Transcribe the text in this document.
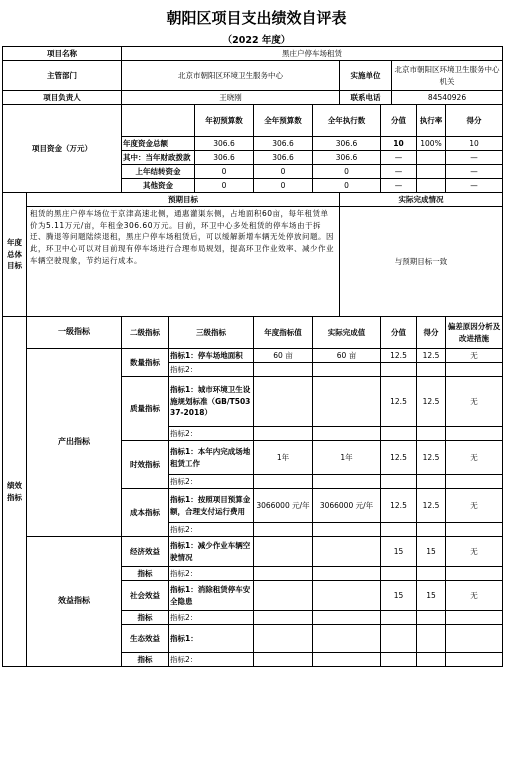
朝阳区项目支出绩效自评表
（2022 年度）
项目名称		黑庄户停车场租赁									
主管部门		北京市朝阳区环境卫生服务中心					实施单位		北京市朝阳区环境卫生服务中心机关		
项目负责人		王晓刚					联系电话		84540926		
项目资金（万元）				年初预算数	全年预算数	全年执行数		分值		执行率	得分
		年度资金总额		306.6	306.6	306.6		10		100%	10
		其中：当年财政拨款		306.6	306.6	306.6		—			—
		上年结转资金		0	0	0		—			—
		其他资金		0	0	0		—			—
年度总体目标	预期目标						实际完成情况				
	租赁的黑庄户停车场位于京津高速北侧，通惠灌渠东侧，占地面积60亩，每年租赁单价为5.11万元/亩，年租金306.60万元。目前，环卫中心多处租赁的停车场由于拆迁、腾退等问题陆续退租，黑庄户停车场租赁后，可以缓解新增车辆无处停放问题。因此，环卫中心可以对目前现有停车场进行合理布局规划，提高环卫作业效率、减少作业车辆空驶现象，节约运行成本。						与预期目标一致				
绩效指标	一级指标	二级指标	三级指标		年度指标值	实际完成值		分值		得分	偏差原因分析及改进措施
	产出指标	数量指标	指标1：停车场地面积		60 亩	60 亩		12.5		12.5	无
			指标2：								
		质量指标	指标1：城市环境卫生设施规划标准（GB/T50337-2018）					12.5		12.5	无
			指标2：								
		时效指标	指标1：本年内完成场地租赁工作		1年	1年		12.5		12.5	无
			指标2：								
		成本指标	指标1：按照项目预算金额，合理支付运行费用		3066000 元/年	3066000 元/年		12.5		12.5	无
			指标2：								
	效益指标	经济效益	指标1：减少作业车辆空驶情况					15		15	无
		指标	指标2：								
		社会效益	指标1：消除租赁停车安全隐患					15		15	无
		指标	指标2：								
		生态效益	指标1：								
		指标	指标2：								
